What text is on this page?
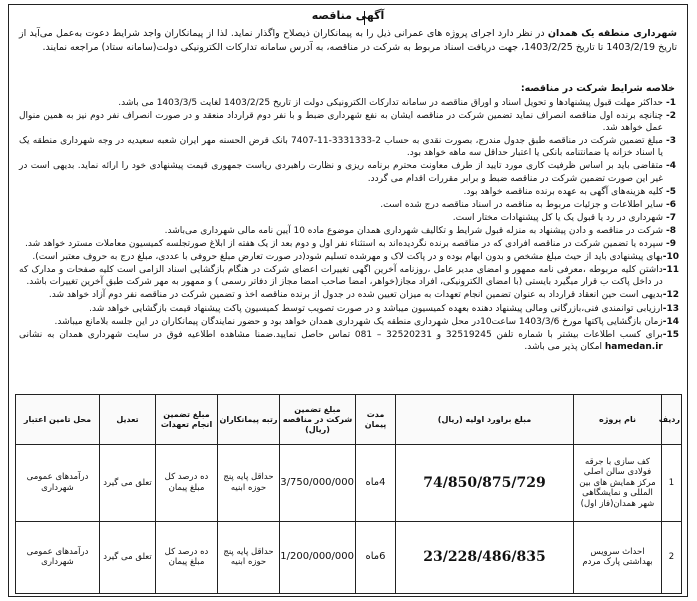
آگهی مناقصه
شهرداری منطقه یک همدان در نظر دارد اجرای پروژه های عمرانی ذیل را به پیمانکاران ذیصلاح واگذار نماید. لذا از پیمانکاران واجد شرایط دعوت به‌عمل می‌آید از تاریخ 1403/2/19 تا تاریخ 1403/2/25، جهت دریافت اسناد مربوط به شرکت در مناقصه، به آدرس سامانه تدارکات الکترونیکی دولت(سامانه ستاد) مراجعه نمایند.
خلاصه شرایط شرکت در مناقصه:
1-
حداکثر مهلت قبول پیشنهادها و تحویل اسناد و اوراق مناقصه در سامانه تدارکات الکترونیکی دولت از تاریخ 1403/2/25 لغایت 1403/3/5 می باشد.
2-
چنانچه برنده اول مناقصه انصراف نماید تضمین شرکت در مناقصه ایشان به نفع شهرداری ضبط و با نفر دوم قرارداد منعقد و در صورت انصراف نفر دوم نیز به همین منوال عمل خواهد شد.
3-
مبلغ تضمین شرکت در مناقصه طبق جدول مندرج، بصورت نقدی به حساب 2-3331333-11-7407 بانک قرض الحسنه مهر ایران شعبه سعیدیه در وجه شهرداری منطقه یک یا اسناد خزانه یا ضمانتنامه بانکی یا اعتبار حداقل سه ماهه خواهد بود.
4-
متقاضی باید بر اساس ظرفیت کاری مورد تایید از طرف معاونت محترم برنامه ریزی و نظارت راهبردی ریاست جمهوری قیمت پیشنهادی خود را ارائه نماید. بدیهی است در غیر این صورت تضمین شرکت در مناقصه ضبط و برابر مقررات اقدام می گردد.
5-
کلیه هزینه‌های آگهی به عهده برنده مناقصه خواهد بود.
6-
سایر اطلاعات و جزئیات مربوط به مناقصه در اسناد مناقصه درج شده است.
7-
شهرداری در رد یا قبول یک یا کل پیشنهادات مختار است.
8-
شرکت در مناقصه و دادن پیشنهاد به منزله قبول شرایط و تکالیف شهرداری همدان موضوع ماده 10 آیین نامه مالی شهرداری می‌باشد.
9-
سپرده یا تضمین شرکت در مناقصه افرادی که در مناقصه برنده نگردیده‌اند به استثناء نفر اول و دوم بعد از یک هفته از ابلاغ صورتجلسه کمیسیون معاملات مسترد خواهد شد.
10-
بهای پیشنهادی باید از حیث مبلغ مشخص و بدون ابهام بوده و در پاکت لاک و مهرشده تسلیم شود(در صورت تعارض مبلغ حروفی با عددی، مبلغ درج به حروف معتبر است).
11-
داشتن کلیه مربوطه ،معرفی نامه ممهور و امضای مدیر عامل ،روزنامه آخرین اگهی تغییرات اعضای شرکت در هنگام بازگشایی اسناد الزامی است کلیه صفحات و مدارک که در داخل پاکت ب قرار میگیرد بایستی (با امضای الکترونیکی، افراد مجاز(خواهر، امضا صاحب امضا مجاز از دفاتر رسمی ) و ممهور به مهر شرکت طبق آخرین تغییرات باشد.
12-
بدیهی است حین انعقاد قرارداد به عنوان تضمین انجام تعهدات به میزان تعیین شده در جدول از برنده مناقصه اخذ و تضمین شرکت در مناقصه نفر دوم آزاد خواهد شد.
13-
ارزیابی توانمندی فنی،بازرگانی ومالی پیشنهاد دهنده بعهده کمیسیون میباشد و در صورت تصویب توسط کمیسیون پاکت پیشنهاد قیمت بازگشایی خواهد شد.
14-
زمان بازگشایی پاکتها مورخ 1403/3/6 ساعت10در محل شهرداری منطقه یک شهرداری همدان خواهد بود و حضور نمایندگان پیمانکاران در این جلسه بلامانع میباشد.
15-
برای کسب اطلاعات بیشتر با شماره تلفن 32519245 و 32520231 – 081 تماس حاصل نمایید.ضمنا مشاهده اطلاعیه فوق در سایت شهرداری همدان به نشانی hamedan.ir امکان پذیر می باشد.
ردیف	نام پروژه	مبلغ براورد اولیه (ریال)	مدت پیمان	مبلغ تضمین شرکت در مناقصه (ریال)	رتبه پیمانکاران	مبلغ تضمین انجام تعهدات	تعدیل	محل تامین اعتبار
1	کف سازی با جرقه فولادی سالن اصلی مرکز همایش های بین المللی و نمایشگاهی شهر همدان(فاز اول)	74/850/875/729	4ماه	3/750/000/000	حداقل پایه پنج حوزه ابنیه	ده درصد کل مبلغ پیمان	تعلق می گیرد	درآمدهای عمومی شهرداری
2	احداث سرویس بهداشتی پارک مردم	23/228/486/835	6ماه	1/200/000/000	حداقل پایه پنج حوزه ابنیه	ده درصد کل مبلغ پیمان	تعلق می گیرد	درآمدهای عمومی شهرداری
